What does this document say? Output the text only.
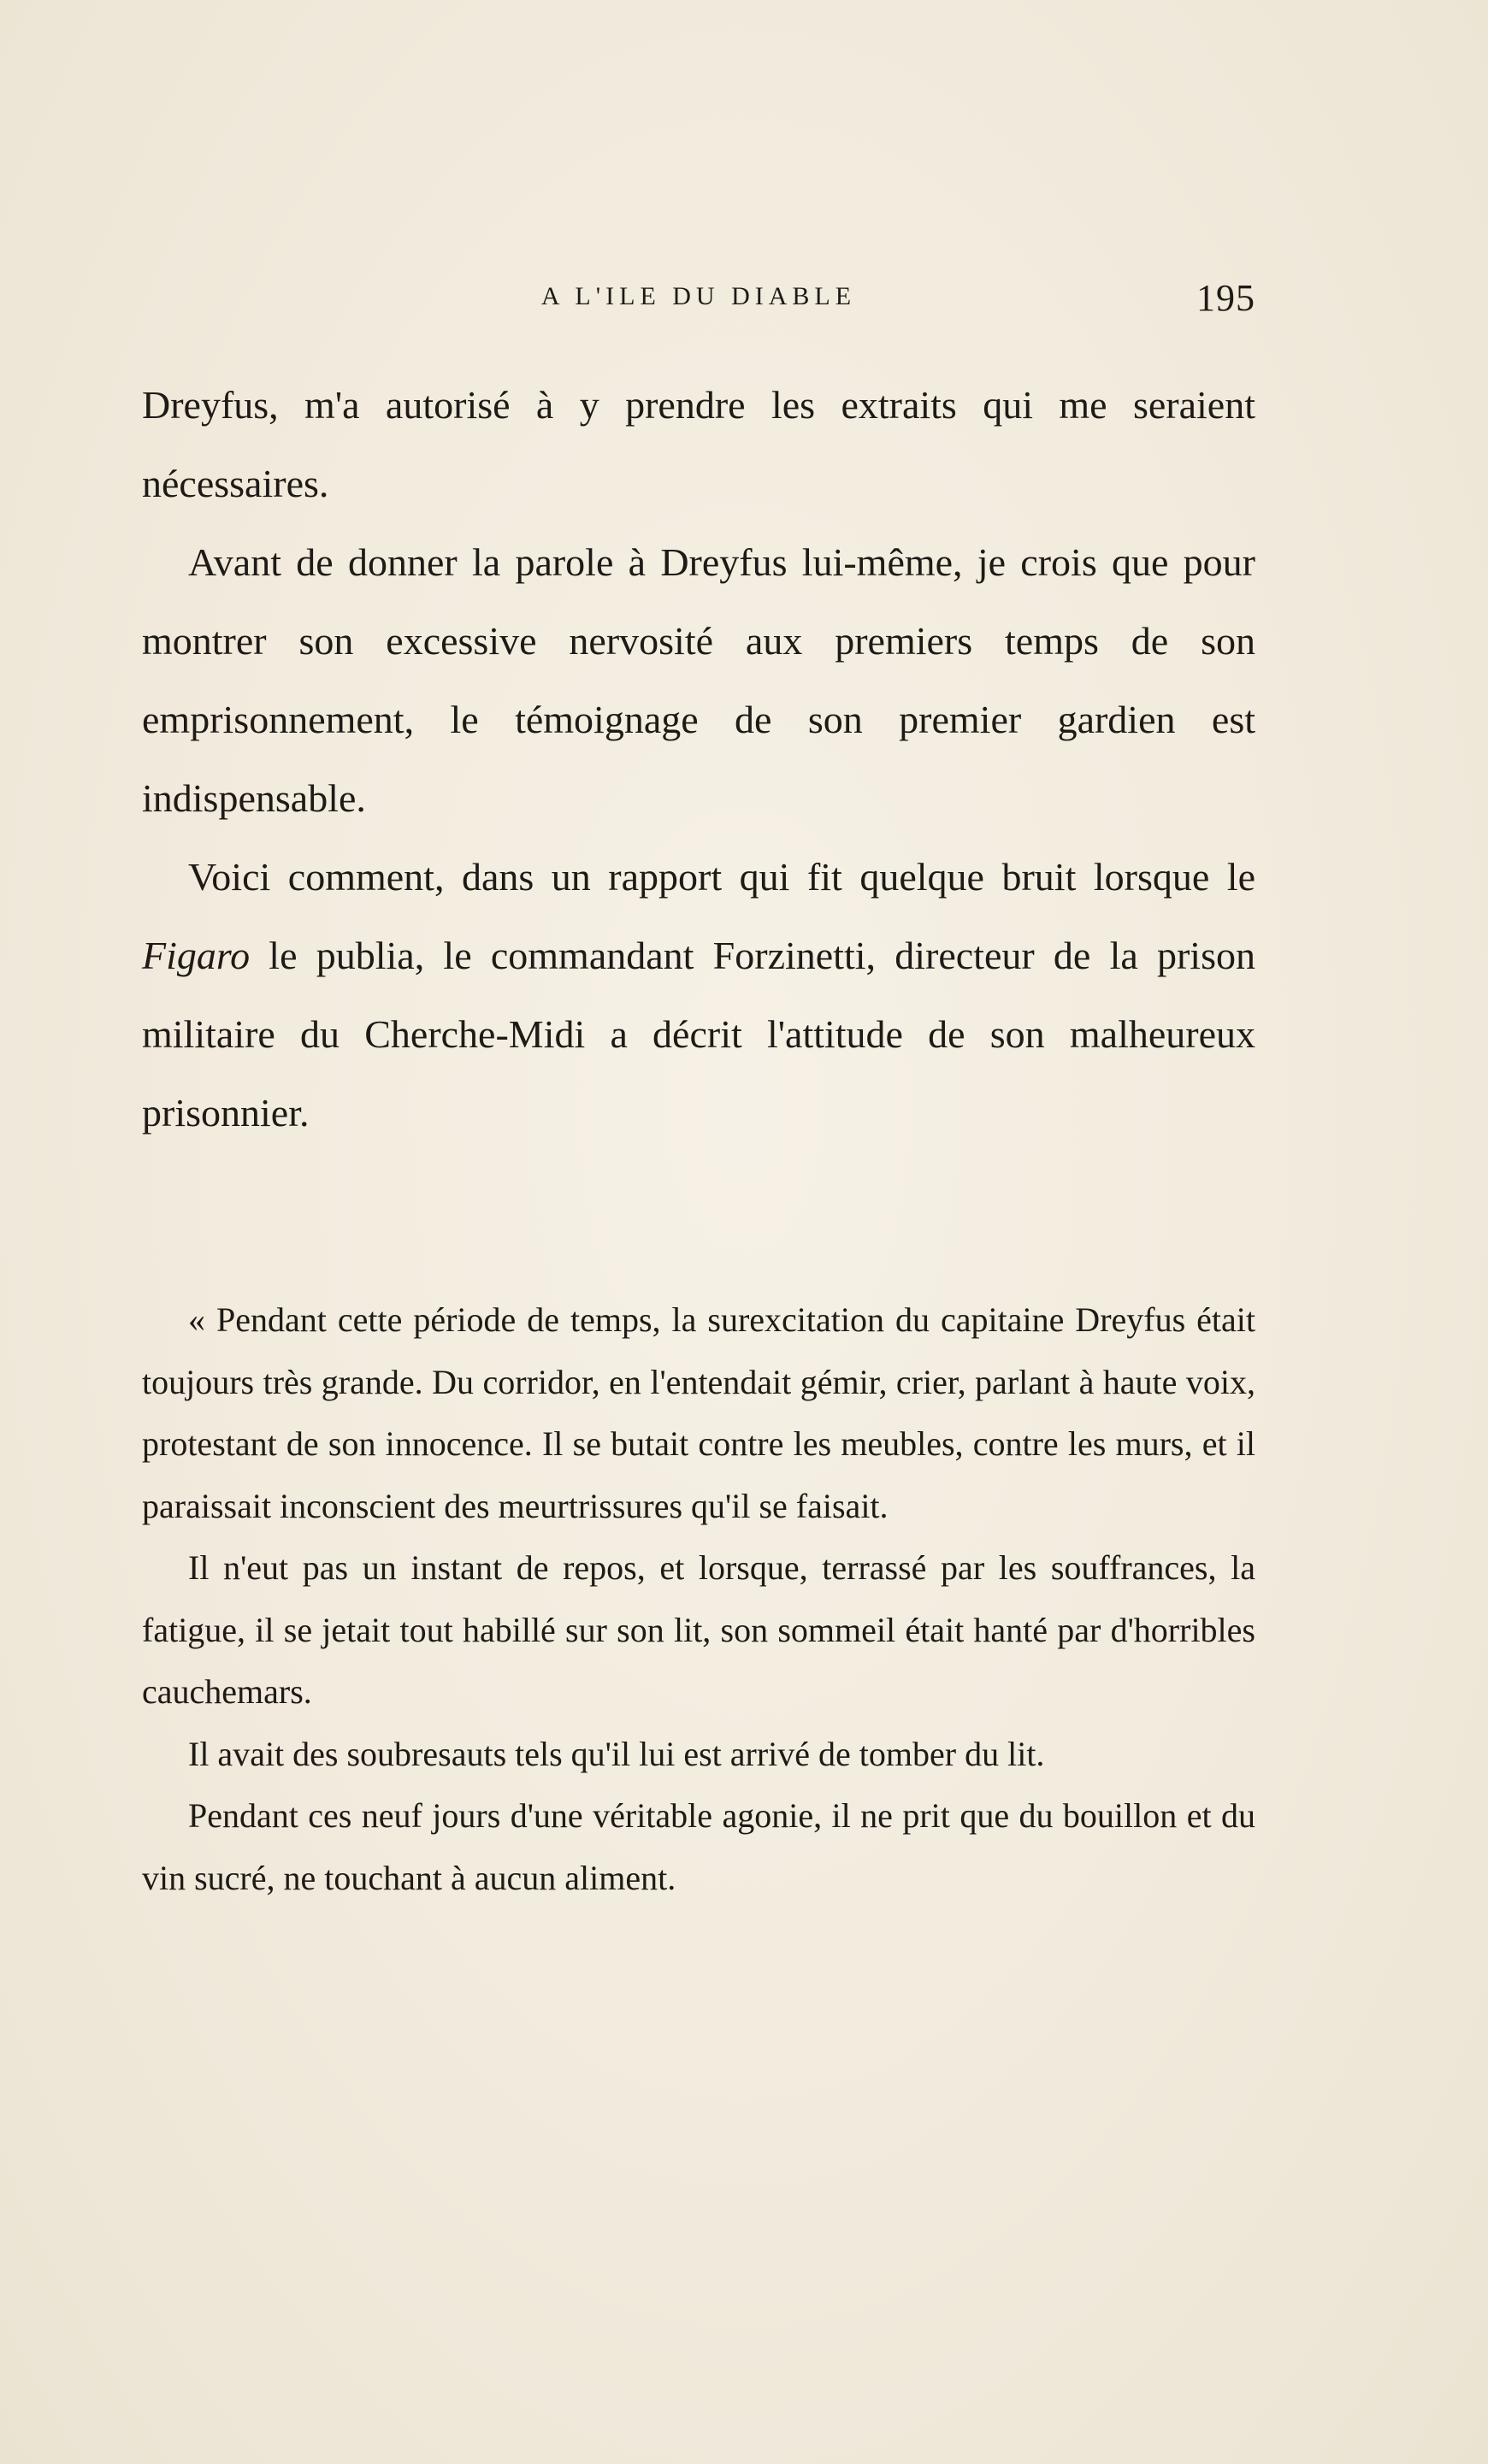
A L'ILE DU DIABLE	195

Dreyfus, m'a autorisé à y prendre les extraits qui me seraient nécessaires.

Avant de donner la parole à Dreyfus lui-même, je crois que pour montrer son excessive nervosité aux premiers temps de son emprisonnement, le témoignage de son premier gardien est indispensable.

Voici comment, dans un rapport qui fit quelque bruit lorsque le Figaro le publia, le commandant Forzinetti, directeur de la prison militaire du Cherche-Midi a décrit l'attitude de son malheureux prisonnier.

« Pendant cette période de temps, la surexcitation du capitaine Dreyfus était toujours très grande. Du corridor, en l'entendait gémir, crier, parlant à haute voix, protestant de son innocence. Il se butait contre les meubles, contre les murs, et il paraissait inconscient des meurtrissures qu'il se faisait.

Il n'eut pas un instant de repos, et lorsque, terrassé par les souffrances, la fatigue, il se jetait tout habillé sur son lit, son sommeil était hanté par d'horribles cauchemars.

Il avait des soubresauts tels qu'il lui est arrivé de tomber du lit.

Pendant ces neuf jours d'une véritable agonie, il ne prit que du bouillon et du vin sucré, ne touchant à aucun aliment.
